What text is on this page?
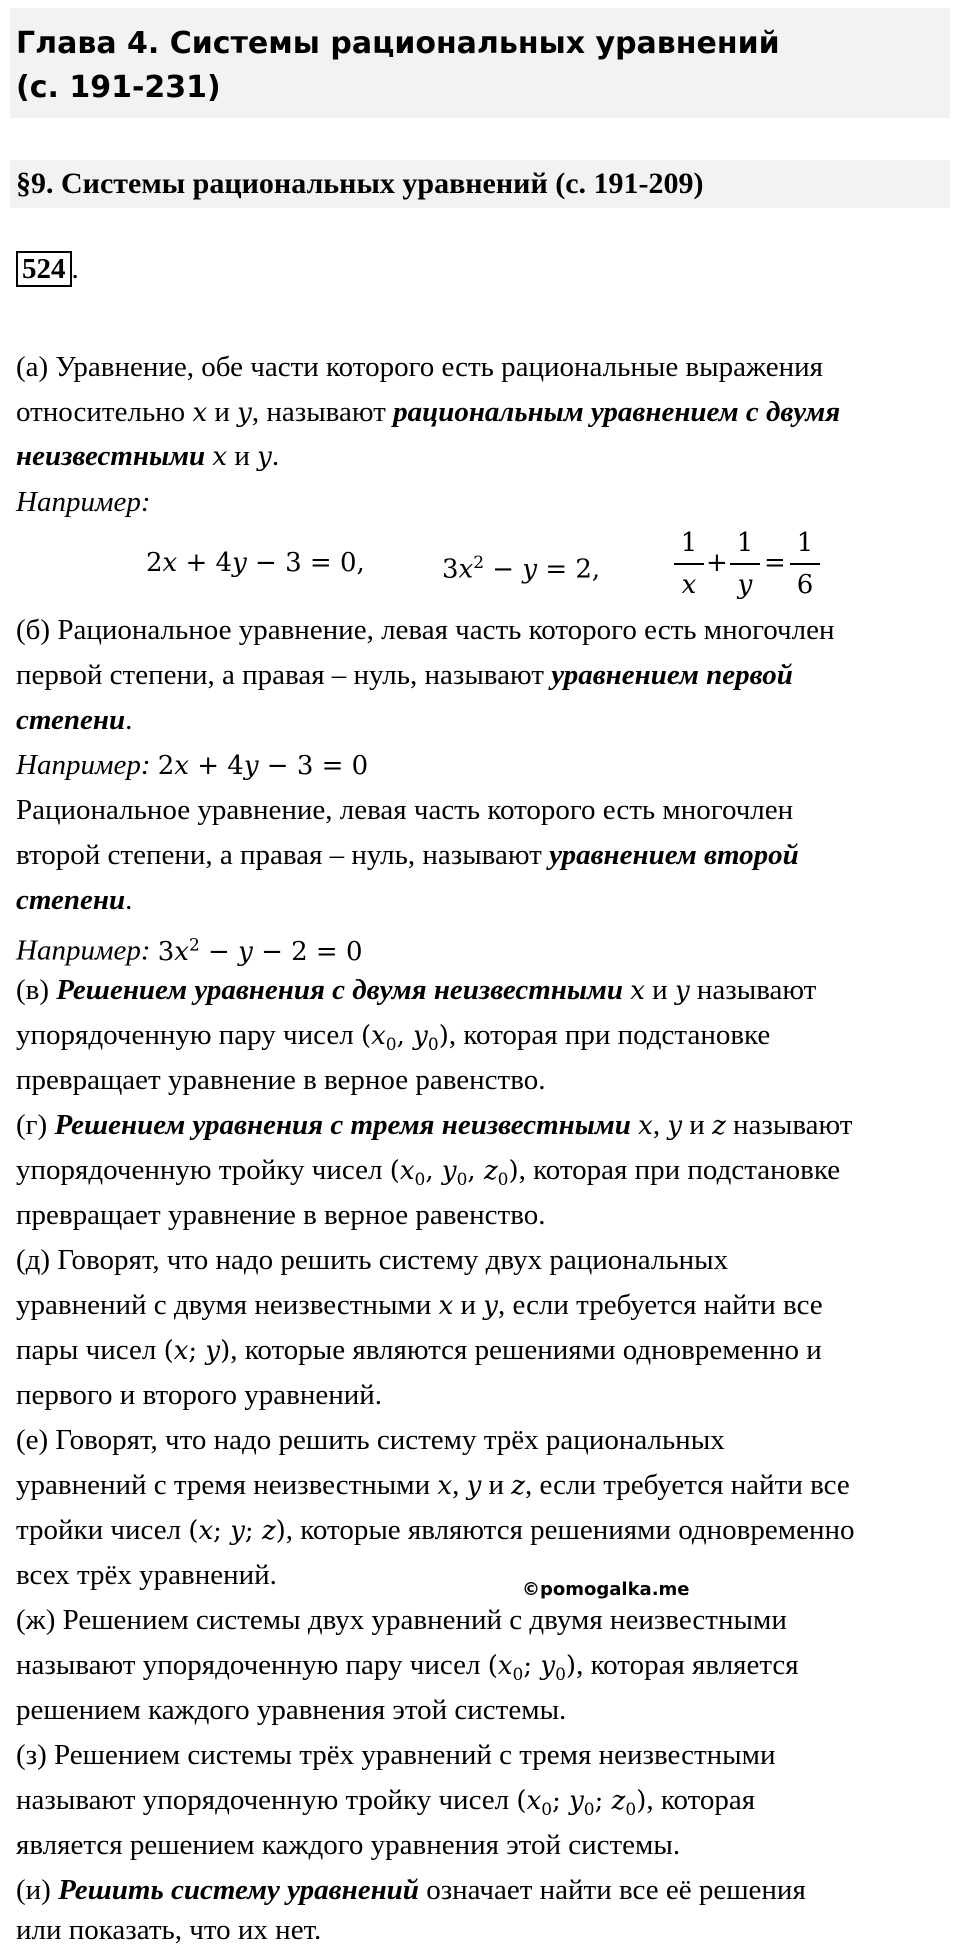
Глава 4. Системы рациональных уравнений
(с. 191-231)
§9. Системы рациональных уравнений (с. 191-209)
524 .
(а) Уравнение, обе части которого есть рациональные выражения
относительно x и y, называют рациональным уравнением с двумя
неизвестными x и y.
Например:
2x + 4y − 3 = 0,	$3x^2 - y = 2$,
1
x
+
1
y
=
1
6
(б) Рациональное уравнение, левая часть которого есть многочлен
первой степени, а правая – нуль, называют уравнением первой
степени.
Например: 2x + 4y − 3 = 0
Рациональное уравнение, левая часть которого есть многочлен
второй степени, а правая – нуль, называют уравнением второй
степени.
Например: $3x^2 - y - 2 = 0$
(в) Решением уравнения с двумя неизвестными x и y называют
упорядоченную пару чисел ($x_0$, $y_0$), которая при подстановке
превращает уравнение в верное равенство.
(г) Решением уравнения с тремя неизвестными x, y и z называют
упорядоченную тройку чисел ($x_0$, $y_0$, $z_0$), которая при подстановке
превращает уравнение в верное равенство.
(д) Говорят, что надо решить систему двух рациональных
уравнений с двумя неизвестными x и y, если требуется найти все
пары чисел (x; y), которые являются решениями одновременно и
первого и второго уравнений.
(е) Говорят, что надо решить систему трёх рациональных
уравнений с тремя неизвестными x, y и z, если требуется найти все
тройки чисел (x; y; z), которые являются решениями одновременно
всех трёх уравнений.	©pomogalka.me
(ж) Решением системы двух уравнений с двумя неизвестными
называют упорядоченную пару чисел ($x_0$; $y_0$), которая является
решением каждого уравнения этой системы.
(з) Решением системы трёх уравнений с тремя неизвестными
называют упорядоченную тройку чисел ($x_0$; $y_0$; $z_0$), которая
является решением каждого уравнения этой системы.
(и) Решить систему уравнений означает найти все её решения
или показать, что их нет.
